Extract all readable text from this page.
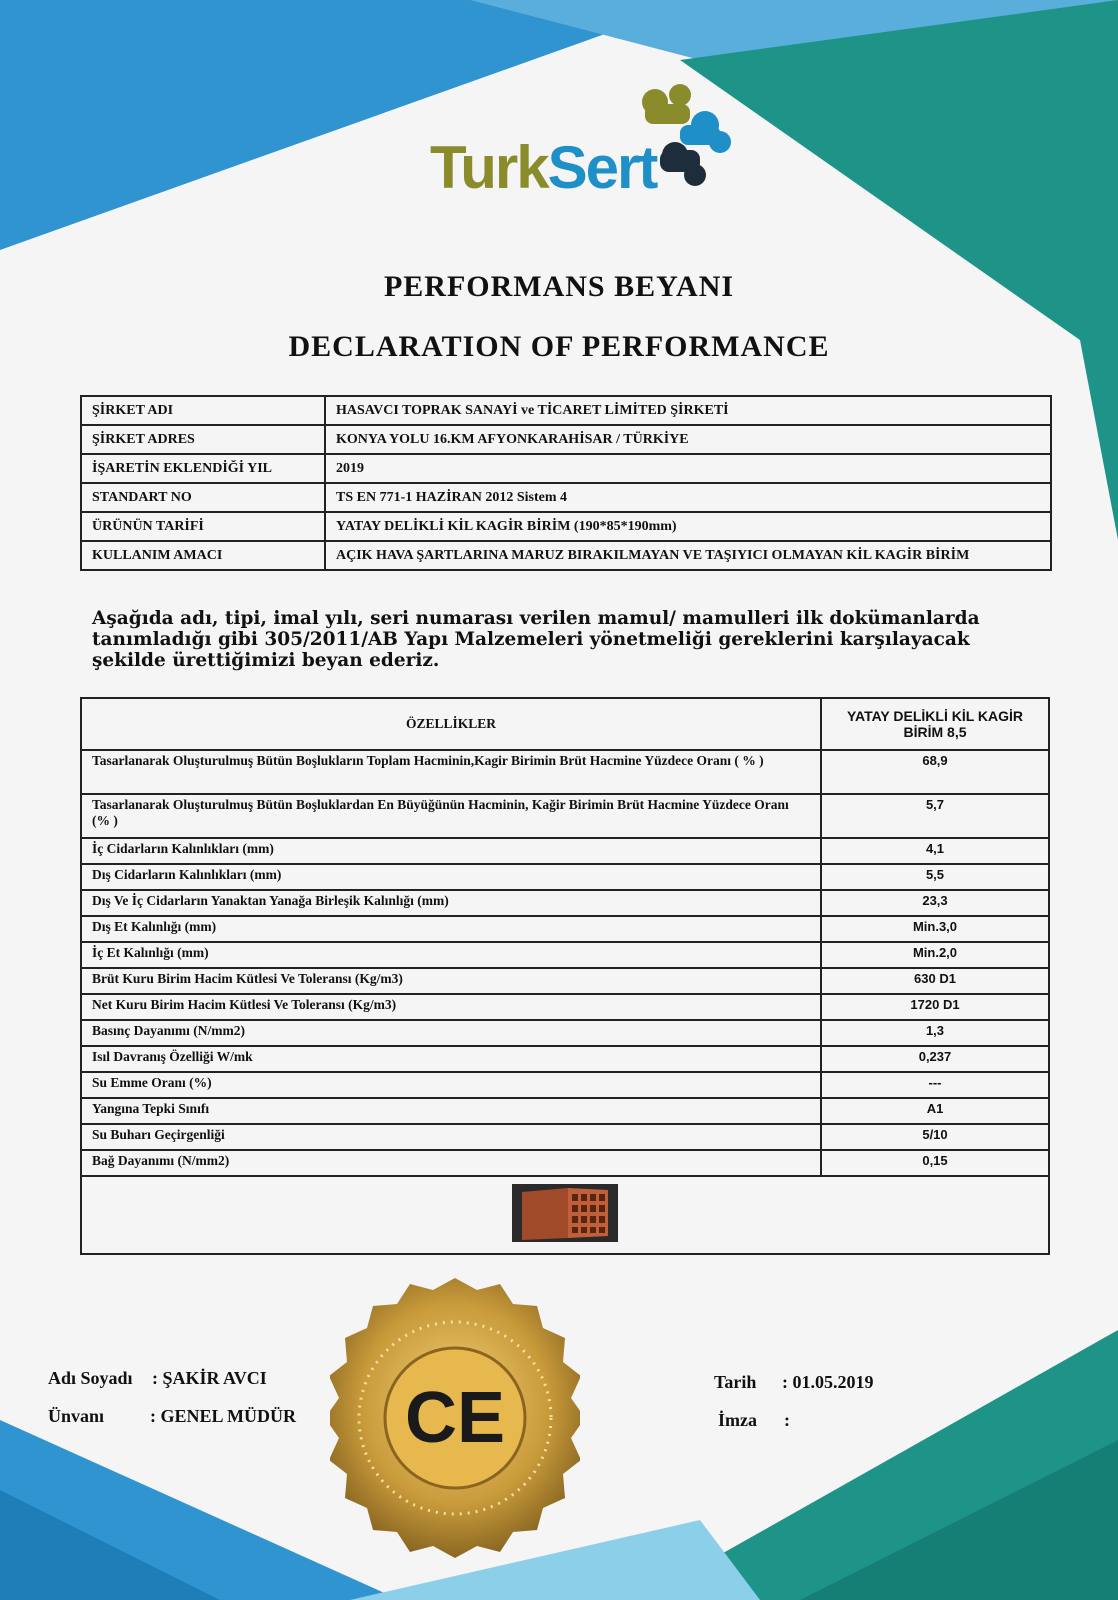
TurkSert
PERFORMANS BEYANI
DECLARATION OF PERFORMANCE
ŞİRKET ADI	HASAVCI TOPRAK SANAYİ ve TİCARET LİMİTED ŞİRKETİ
ŞİRKET ADRES	KONYA YOLU 16.KM AFYONKARAHİSAR / TÜRKİYE
İŞARETİN EKLENDİĞİ YIL	2019
STANDART NO	TS EN 771-1 HAZİRAN 2012 Sistem 4
ÜRÜNÜN TARİFİ	YATAY DELİKLİ KİL KAGİR BİRİM (190*85*190mm)
KULLANIM AMACI	AÇIK HAVA ŞARTLARINA MARUZ BIRAKILMAYAN VE TAŞIYICI OLMAYAN KİL KAGİR BİRİM
Aşağıda adı, tipi, imal yılı, seri numarası verilen mamul/ mamulleri ilk dokümanlarda tanımladığı gibi 305/2011/AB Yapı Malzemeleri yönetmeliği gereklerini karşılayacak şekilde ürettiğimizi beyan ederiz.
ÖZELLİKLER	YATAY DELİKLİ KİL KAGİR BİRİM 8,5
Tasarlanarak Oluşturulmuş Bütün Boşlukların Toplam Hacminin,Kagir Birimin Brüt Hacmine Yüzdece Oranı ( % )	68,9
Tasarlanarak Oluşturulmuş Bütün Boşluklardan En Büyüğünün Hacminin, Kağir Birimin Brüt Hacmine Yüzdece Oranı (% )	5,7
İç Cidarların Kalınlıkları (mm)	4,1
Dış Cidarların Kalınlıkları (mm)	5,5
Dış Ve İç Cidarların Yanaktan Yanağa Birleşik Kalınlığı (mm)	23,3
Dış Et Kalınlığı (mm)	Min.3,0
İç Et Kalınlığı (mm)	Min.2,0
Brüt Kuru Birim Hacim Kütlesi Ve Toleransı (Kg/m3)	630 D1
Net Kuru Birim Hacim Kütlesi Ve Toleransı (Kg/m3)	1720 D1
Basınç Dayanımı (N/mm2)	1,3
Isıl Davranış Özelliği W/mk	0,237
Su Emme Oranı (%)	---
Yangına Tepki Sınıfı	A1
Su Buharı Geçirgenliği	5/10
Bağ Dayanımı (N/mm2)	0,15

Adı Soyadı : ŞAKİR AVCI
Ünvanı	: GENEL MÜDÜR
Tarih : 01.05.2019
İmza :
CE
